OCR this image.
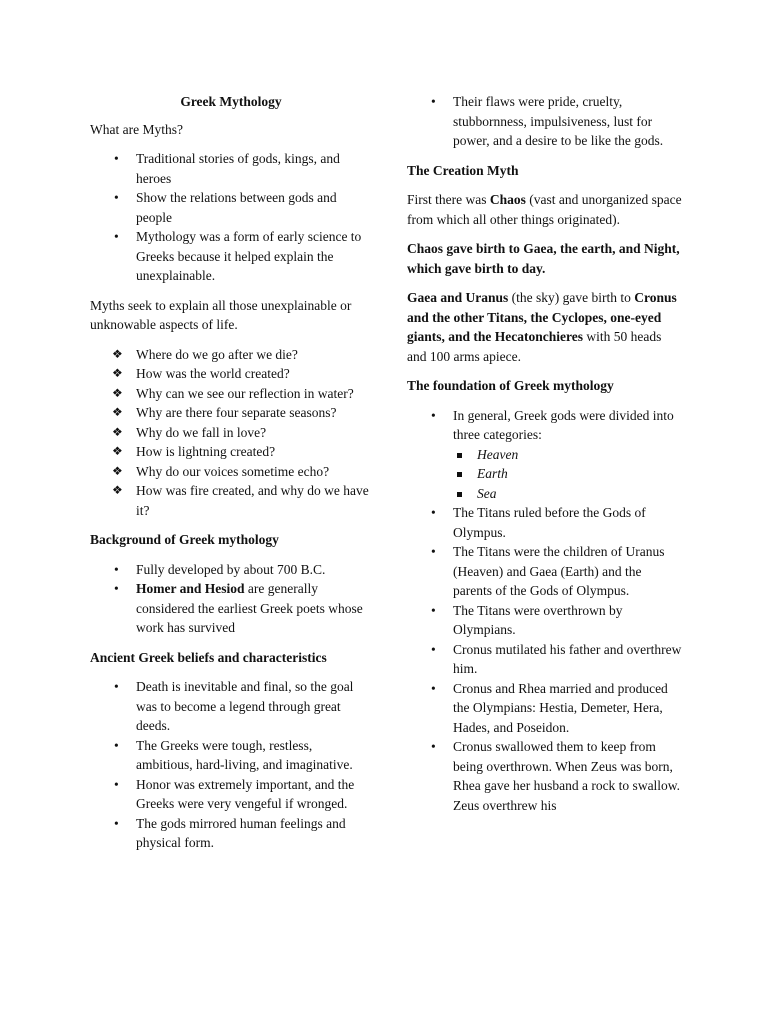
Greek Mythology

What are Myths?

• Traditional stories of gods, kings, and heroes
• Show the relations between gods and people
• Mythology was a form of early science to Greeks because it helped explain the unexplainable.

Myths seek to explain all those unexplainable or unknowable aspects of life.

❖ Where do we go after we die?
❖ How was the world created?
❖ Why can we see our reflection in water?
❖ Why are there four separate seasons?
❖ Why do we fall in love?
❖ How is lightning created?
❖ Why do our voices sometime echo?
❖ How was fire created, and why do we have it?

Background of Greek mythology

• Fully developed by about 700 B.C.
• Homer and Hesiod are generally considered the earliest Greek poets whose work has survived

Ancient Greek beliefs and characteristics

• Death is inevitable and final, so the goal was to become a legend through great deeds.
• The Greeks were tough, restless, ambitious, hard-living, and imaginative.
• Honor was extremely important, and the Greeks were very vengeful if wronged.
• The gods mirrored human feelings and physical form.
• Their flaws were pride, cruelty, stubbornness, impulsiveness, lust for power, and a desire to be like the gods.

The Creation Myth

First there was Chaos (vast and unorganized space from which all other things originated).

Chaos gave birth to Gaea, the earth, and Night, which gave birth to day.

Gaea and Uranus (the sky) gave birth to Cronus and the other Titans, the Cyclopes, one-eyed giants, and the Hecatonchieres with 50 heads and 100 arms apiece.

The foundation of Greek mythology

• In general, Greek gods were divided into three categories:
Heaven
Earth
Sea
• The Titans ruled before the Gods of Olympus.
• The Titans were the children of Uranus (Heaven) and Gaea (Earth) and the parents of the Gods of Olympus.
• The Titans were overthrown by Olympians.
• Cronus mutilated his father and overthrew him.
• Cronus and Rhea married and produced the Olympians: Hestia, Demeter, Hera, Hades, and Poseidon.
• Cronus swallowed them to keep from being overthrown. When Zeus was born, Rhea gave her husband a rock to swallow. Zeus overthrew his
